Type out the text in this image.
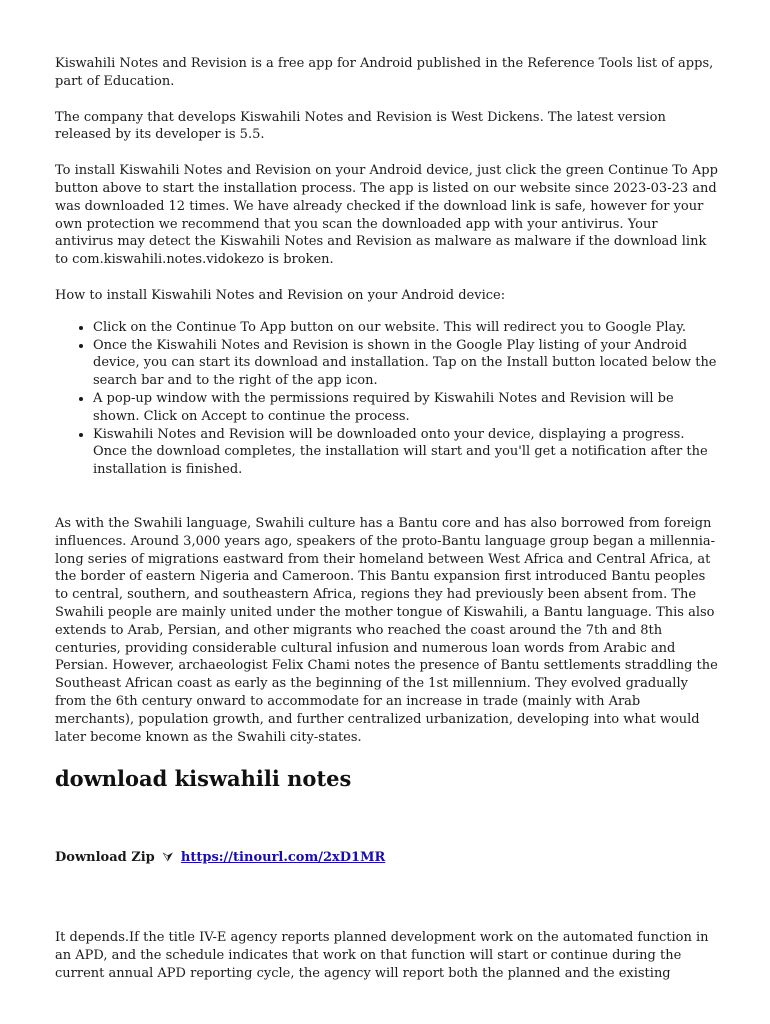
Kiswahili Notes and Revision is a free app for Android published in the Reference Tools list of apps, part of Education.

The company that develops Kiswahili Notes and Revision is West Dickens. The latest version released by its developer is 5.5.

To install Kiswahili Notes and Revision on your Android device, just click the green Continue To App button above to start the installation process. The app is listed on our website since 2023-03-23 and was downloaded 12 times. We have already checked if the download link is safe, however for your own protection we recommend that you scan the downloaded app with your antivirus. Your antivirus may detect the Kiswahili Notes and Revision as malware as malware if the download link to com.kiswahili.notes.vidokezo is broken.

How to install Kiswahili Notes and Revision on your Android device:

• Click on the Continue To App button on our website. This will redirect you to Google Play.
• Once the Kiswahili Notes and Revision is shown in the Google Play listing of your Android device, you can start its download and installation. Tap on the Install button located below the search bar and to the right of the app icon.
• A pop-up window with the permissions required by Kiswahili Notes and Revision will be shown. Click on Accept to continue the process.
• Kiswahili Notes and Revision will be downloaded onto your device, displaying a progress. Once the download completes, the installation will start and you'll get a notification after the installation is finished.

As with the Swahili language, Swahili culture has a Bantu core and has also borrowed from foreign influences. Around 3,000 years ago, speakers of the proto-Bantu language group began a millennia-long series of migrations eastward from their homeland between West Africa and Central Africa, at the border of eastern Nigeria and Cameroon. This Bantu expansion first introduced Bantu peoples to central, southern, and southeastern Africa, regions they had previously been absent from. The Swahili people are mainly united under the mother tongue of Kiswahili, a Bantu language. This also extends to Arab, Persian, and other migrants who reached the coast around the 7th and 8th centuries, providing considerable cultural infusion and numerous loan words from Arabic and Persian. However, archaeologist Felix Chami notes the presence of Bantu settlements straddling the Southeast African coast as early as the beginning of the 1st millennium. They evolved gradually from the 6th century onward to accommodate for an increase in trade (mainly with Arab merchants), population growth, and further centralized urbanization, developing into what would later become known as the Swahili city-states.

download kiswahili notes
Download Zip ⮛ https://tinourl.com/2xD1MR

It depends.If the title IV-E agency reports planned development work on the automated function in an APD, and the schedule indicates that work on that function will start or continue during the current annual APD reporting cycle, the agency will report both the planned and the existing
